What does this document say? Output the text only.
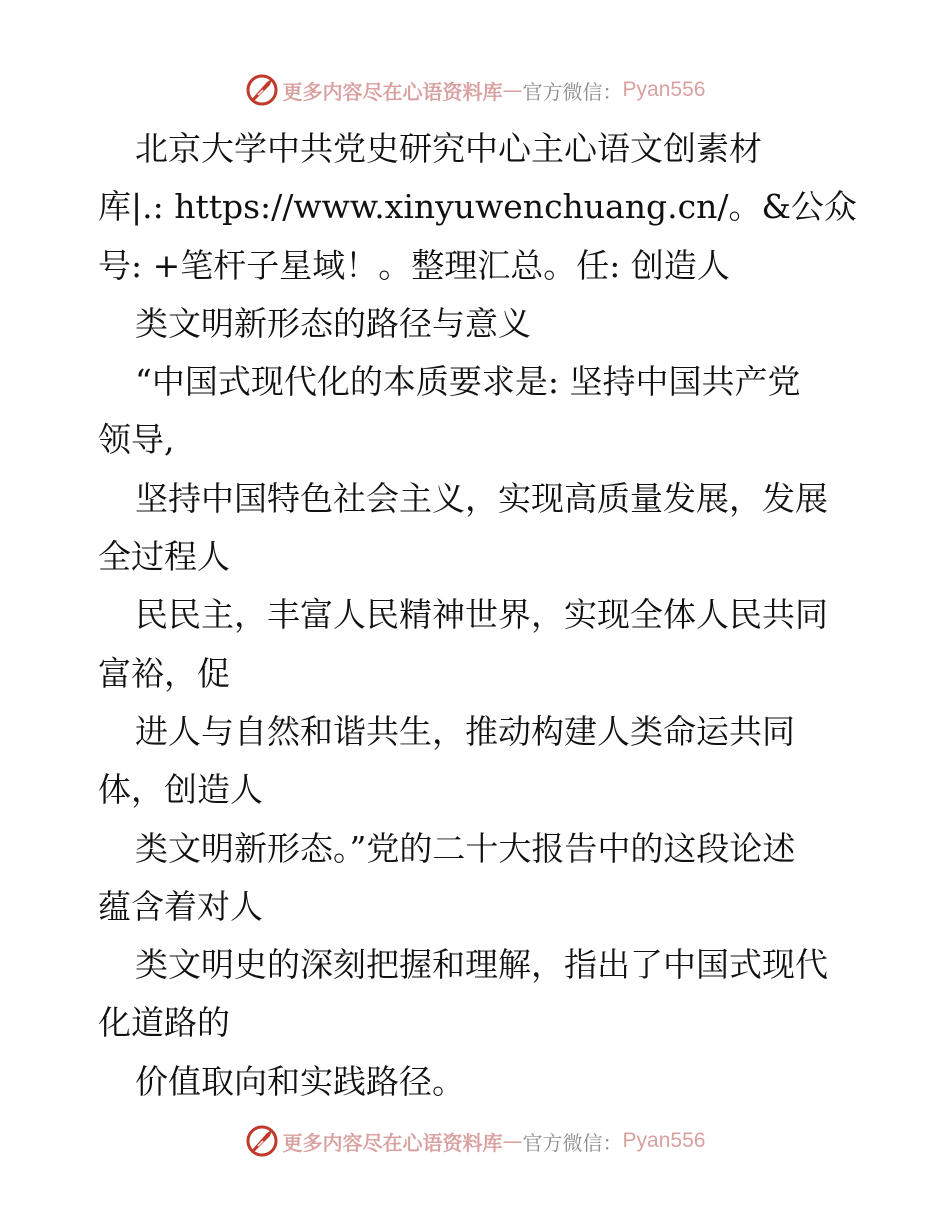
更多内容尽在心语资料库 — 官方微信： Pyan556
北京大学中共党史研究中心主心语文创素材
库|.: https://www.xinyuwenchuang.cn/。&公众
号: +笔杆子星域！。整理汇总。任: 创造人
类文明新形态的路径与意义
“中国式现代化的本质要求是: 坚持中国共产党
领导,
坚持中国特色社会主义，实现高质量发展，发展
全过程人
民民主，丰富人民精神世界，实现全体人民共同
富裕，促
进人与自然和谐共生，推动构建人类命运共同
体，创造人
类文明新形态。”党的二十大报告中的这段论述
蕴含着对人
类文明史的深刻把握和理解，指出了中国式现代
化道路的
价值取向和实践路径。
更多内容尽在心语资料库 — 官方微信： Pyan556
